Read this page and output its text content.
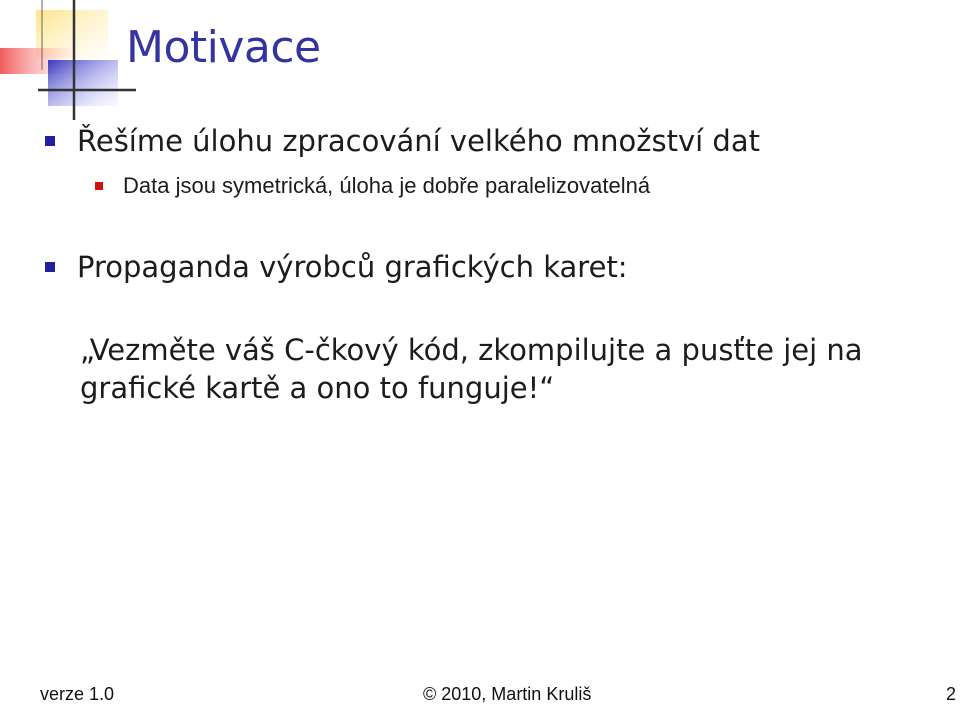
Motivace
Řešíme úlohu zpracování velkého množství dat
Data jsou symetrická, úloha je dobře paralelizovatelná
Propaganda výrobců grafických karet:
„Vezměte váš C-čkový kód, zkompilujte a pusťte jej na grafické kartě a ono to funguje!“
verze 1.0	© 2010, Martin Kruliš	2
